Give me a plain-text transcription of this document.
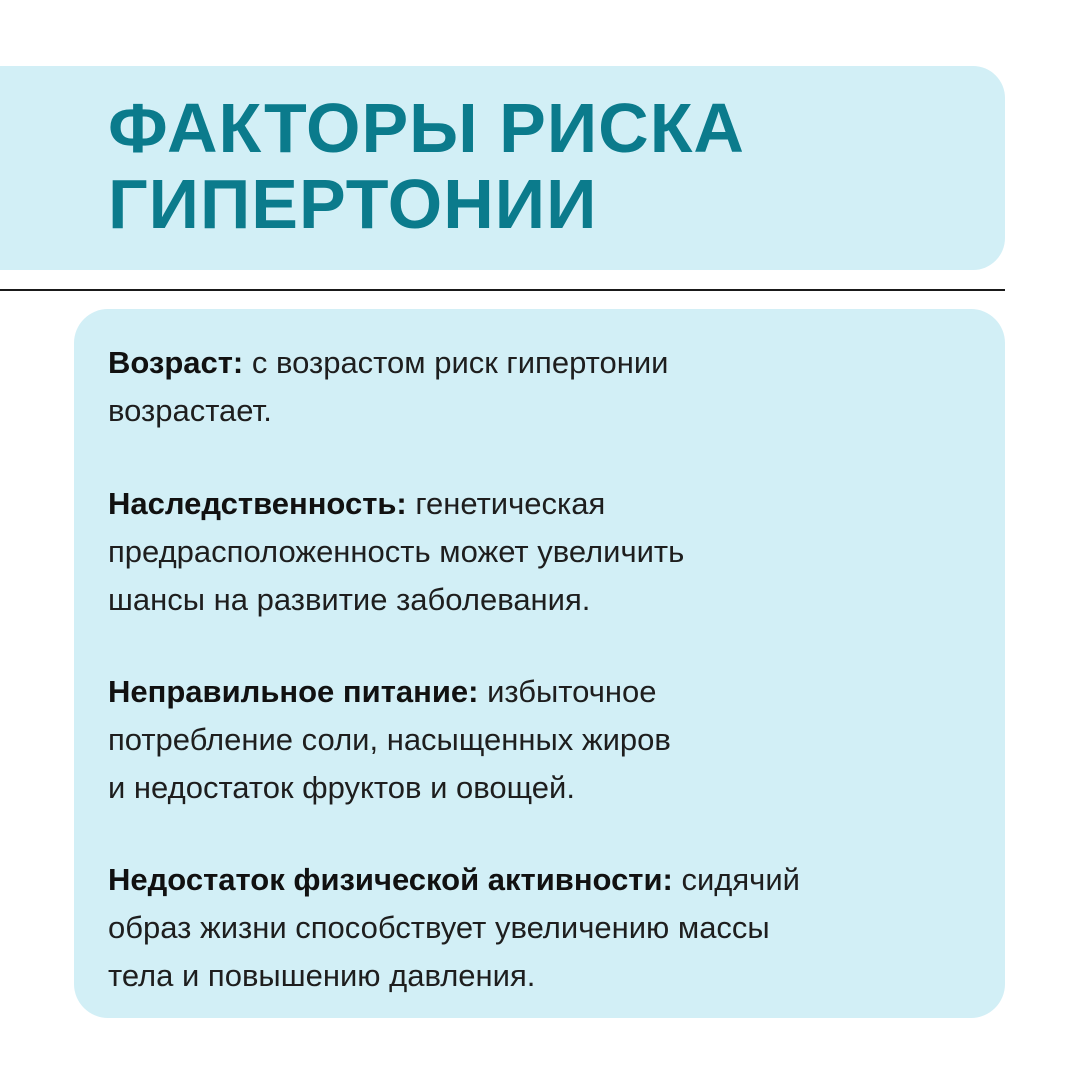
ФАКТОРЫ РИСКА
ГИПЕРТОНИИ

Возраст: с возрастом риск гипертонии
возрастает.

Наследственность: генетическая
предрасположенность может увеличить
шансы на развитие заболевания.

Неправильное питание: избыточное
потребление соли, насыщенных жиров
и недостаток фруктов и овощей.

Недостаток физической активности: сидячий
образ жизни способствует увеличению массы
тела и повышению давления.
